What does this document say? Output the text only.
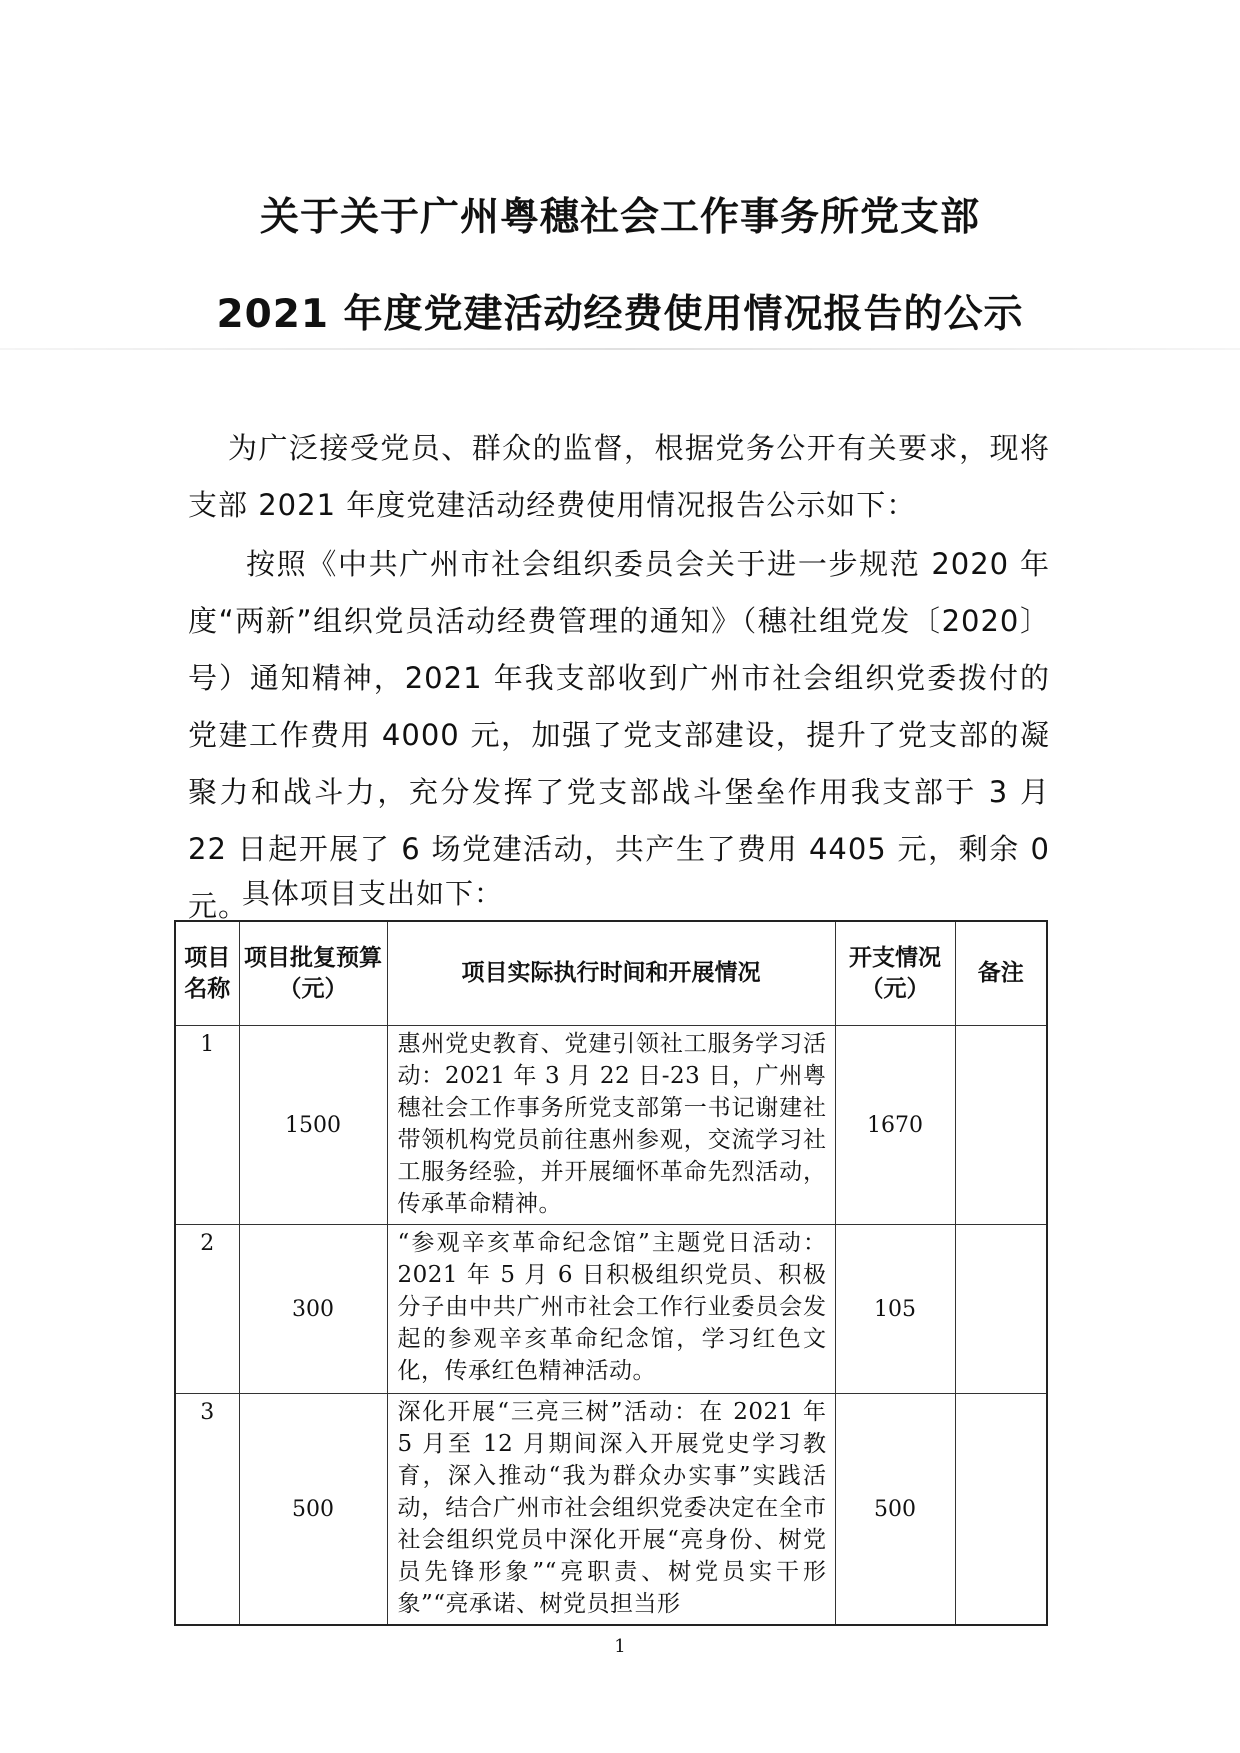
关于关于广州粤穗社会工作事务所党支部
2021 年度党建活动经费使用情况报告的公示
为广泛接受党员、群众的监督，根据党务公开有关要求，现将支部 2021 年度党建活动经费使用情况报告公示如下：
按照《中共广州市社会组织委员会关于进一步规范 2020 年度“两新”组织党员活动经费管理的通知》（穗社组党发〔2020〕号）通知精神，2021 年我支部收到广州市社会组织党委拨付的党建工作费用 4000 元，加强了党支部建设，提升了党支部的凝聚力和战斗力，充分发挥了党支部战斗堡垒作用我支部于 3 月 22 日起开展了 6 场党建活动，共产生了费用 4405 元，剩余 0 元。
具体项目支出如下：
项目名称	项目批复预算（元）	项目实际执行时间和开展情况	开支情况（元）	备注
1	1500	惠州党史教育、党建引领社工服务学习活动：2021 年 3 月 22 日-23 日，广州粤穗社会工作事务所党支部第一书记谢建社带领机构党员前往惠州参观，交流学习社工服务经验，并开展缅怀革命先烈活动，传承革命精神。	1670	
2	300	“参观辛亥革命纪念馆”主题党日活动：2021 年 5 月 6 日积极组织党员、积极分子由中共广州市社会工作行业委员会发起的参观辛亥革命纪念馆，学习红色文化，传承红色精神活动。	105	
3	500	深化开展“三亮三树”活动：在 2021 年 5 月至 12 月期间深入开展党史学习教育，深入推动“我为群众办实事”实践活动，结合广州市社会组织党委决定在全市社会组织党员中深化开展“亮身份、树党员先锋形象”“亮职责、树党员实干形象”“亮承诺、树党员担当形	500	
1
